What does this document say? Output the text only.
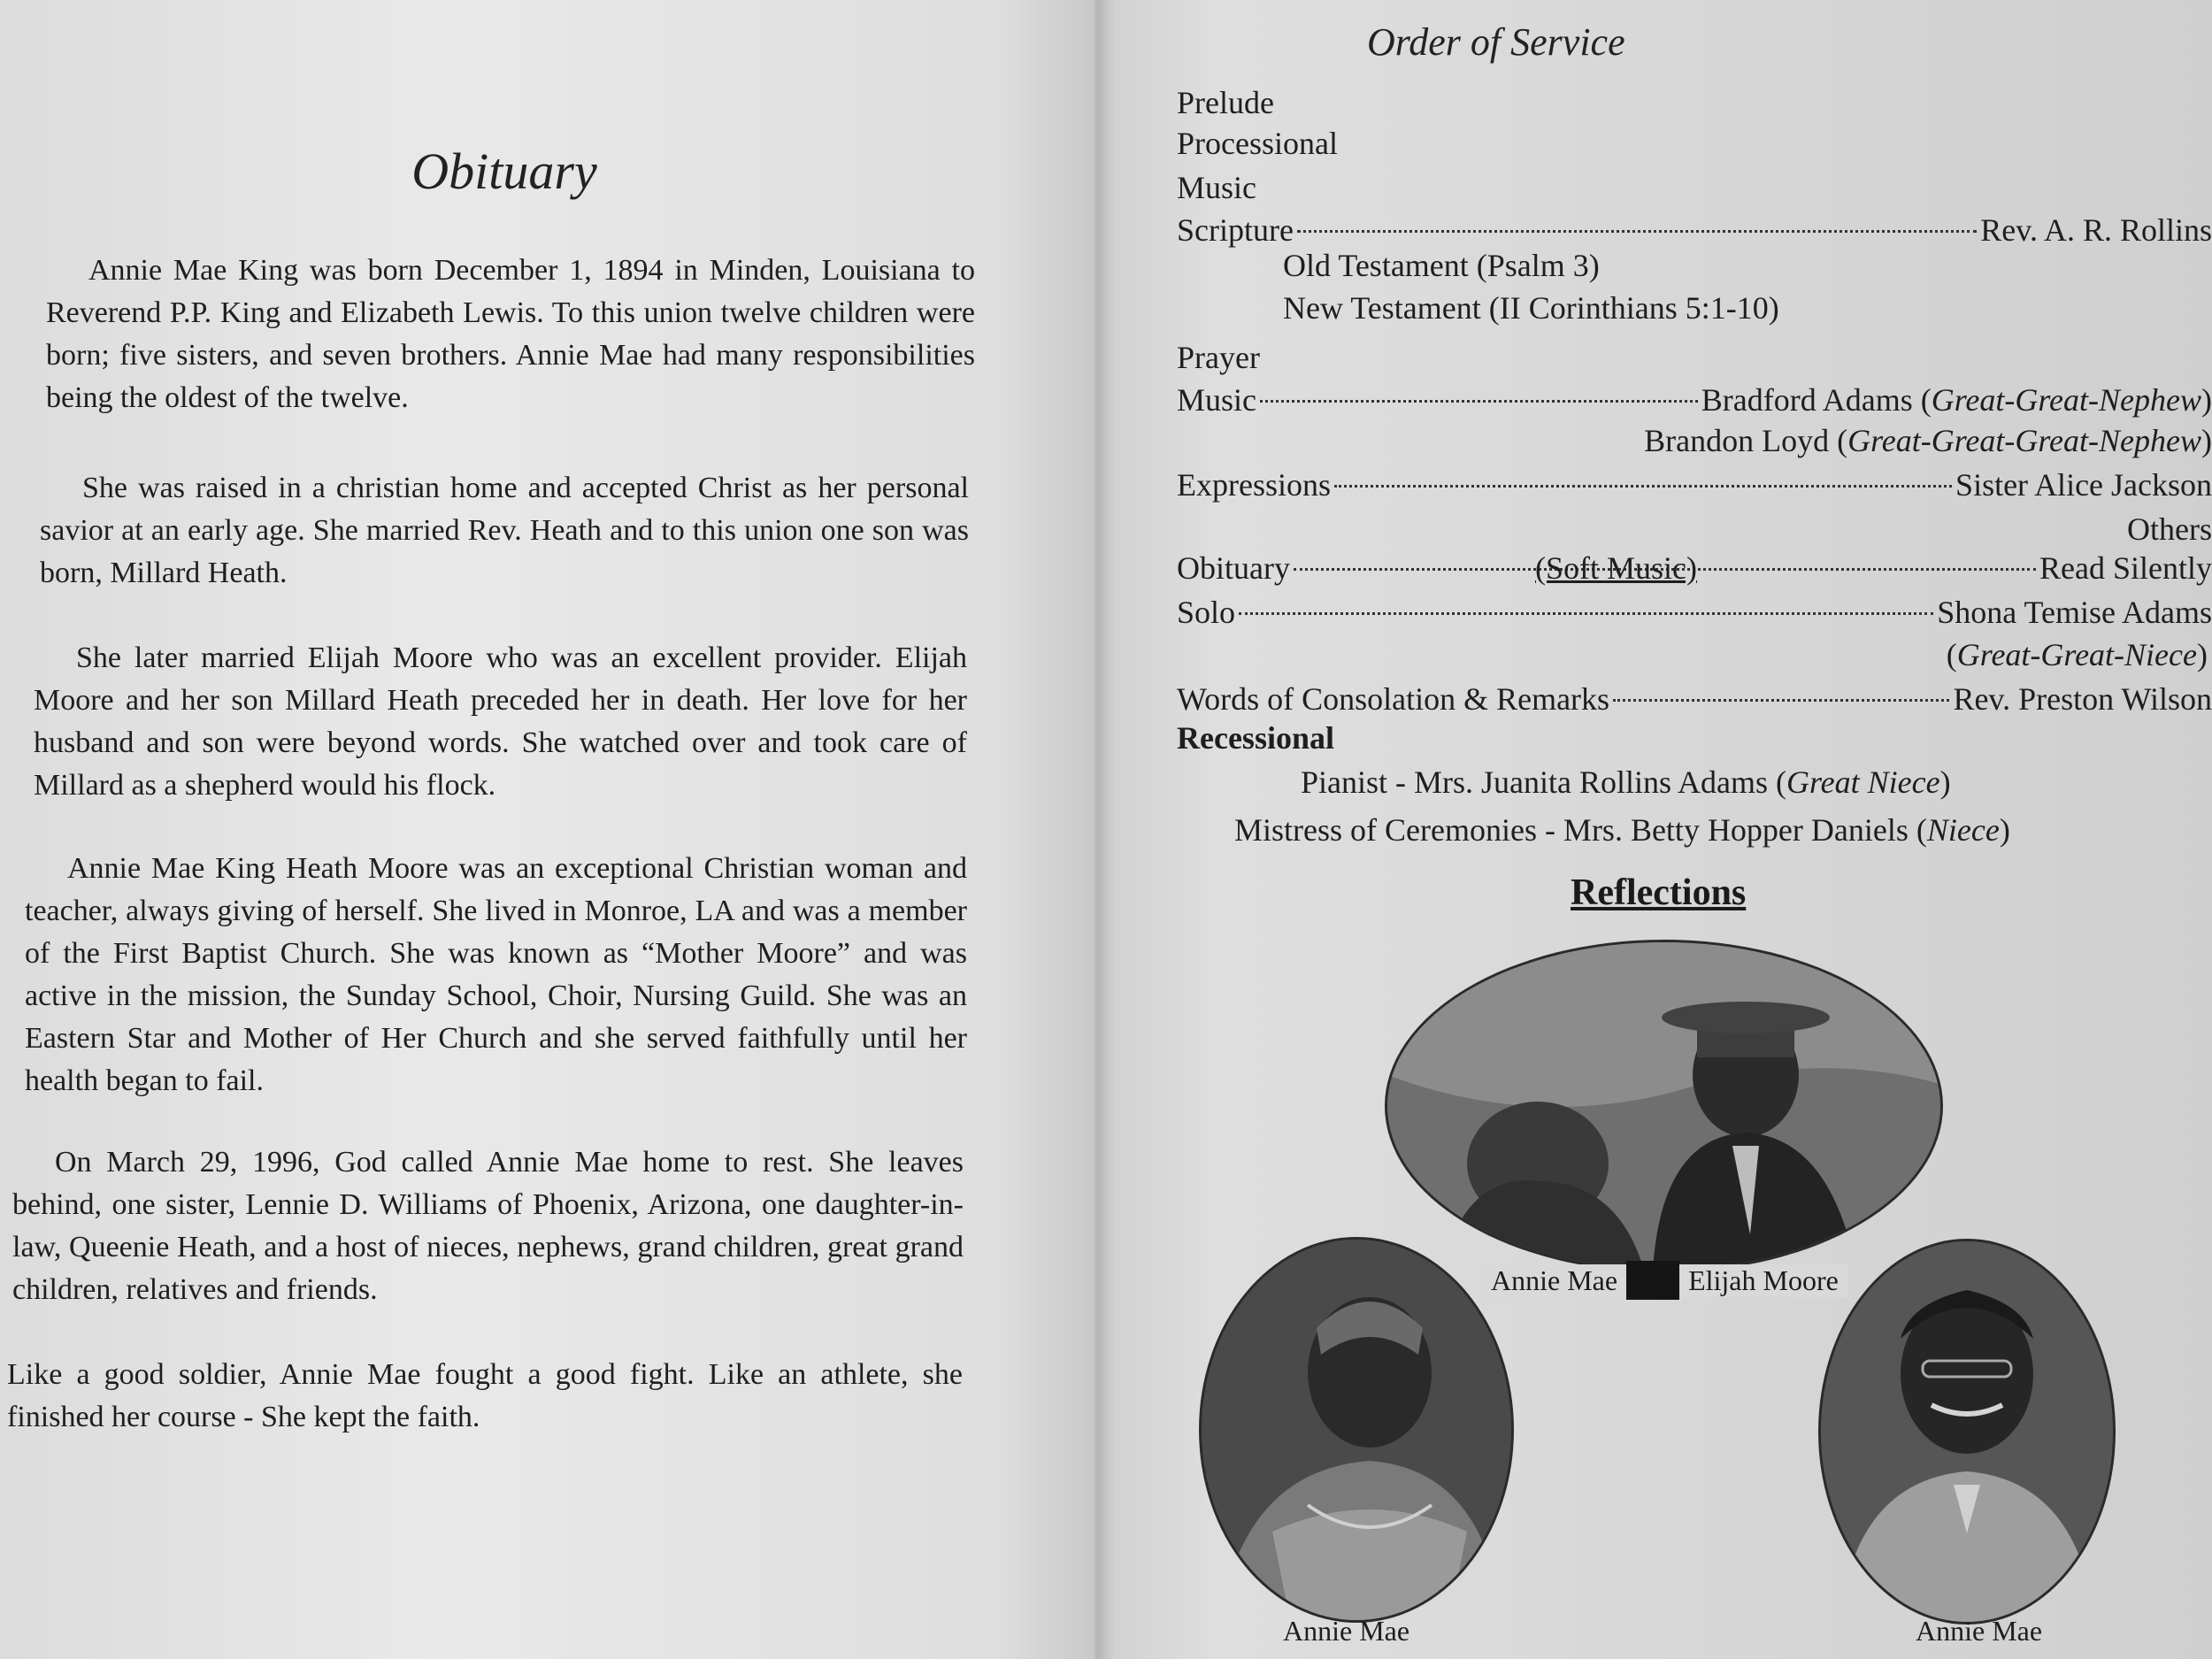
Obituary

Annie Mae King was born December 1, 1894 in Minden, Louisiana to Reverend P.P. King and Elizabeth Lewis. To this union twelve children were born; five sisters, and seven brothers. Annie Mae had many responsibilities being the oldest of the twelve.

She was raised in a christian home and accepted Christ as her personal savior at an early age. She married Rev. Heath and to this union one son was born, Millard Heath.

She later married Elijah Moore who was an excellent provider. Elijah Moore and her son Millard Heath preceded her in death. Her love for her husband and son were beyond words. She watched over and took care of Millard as a shepherd would his flock.

Annie Mae King Heath Moore was an exceptional Christian woman and teacher, always giving of herself. She lived in Monroe, LA and was a member of the First Baptist Church. She was known as “Mother Moore” and was active in the mission, the Sunday School, Choir, Nursing Guild. She was an Eastern Star and Mother of Her Church and she served faithfully until her health began to fail.

On March 29, 1996, God called Annie Mae home to rest. She leaves behind, one sister, Lennie D. Williams of Phoenix, Arizona, one daughter-in-law, Queenie Heath, and a host of nieces, nephews, grand children, great grand children, relatives and friends.

Like a good soldier, Annie Mae fought a good fight. Like an athlete, she finished her course - She kept the faith.

Order of Service
Prelude
Processional
Music
Scripture	Rev. A. R. Rollins
Old Testament (Psalm 3)
New Testament (II Corinthians 5:1-10)
Prayer
Music	Bradford Adams (Great-Great-Nephew)
Brandon Loyd (Great-Great-Great-Nephew)
Expressions	Sister Alice Jackson
Others
Obituary	Read Silently
(Soft Music)
Solo	Shona Temise Adams
(Great-Great-Niece)
Words of Consolation & Remarks	Rev. Preston Wilson
Recessional
Pianist - Mrs. Juanita Rollins Adams (Great Niece)
Mistress of Ceremonies - Mrs. Betty Hopper Daniels (Niece)
Reflections
Annie Mae	Elijah Moore
Annie Mae	Annie Mae
